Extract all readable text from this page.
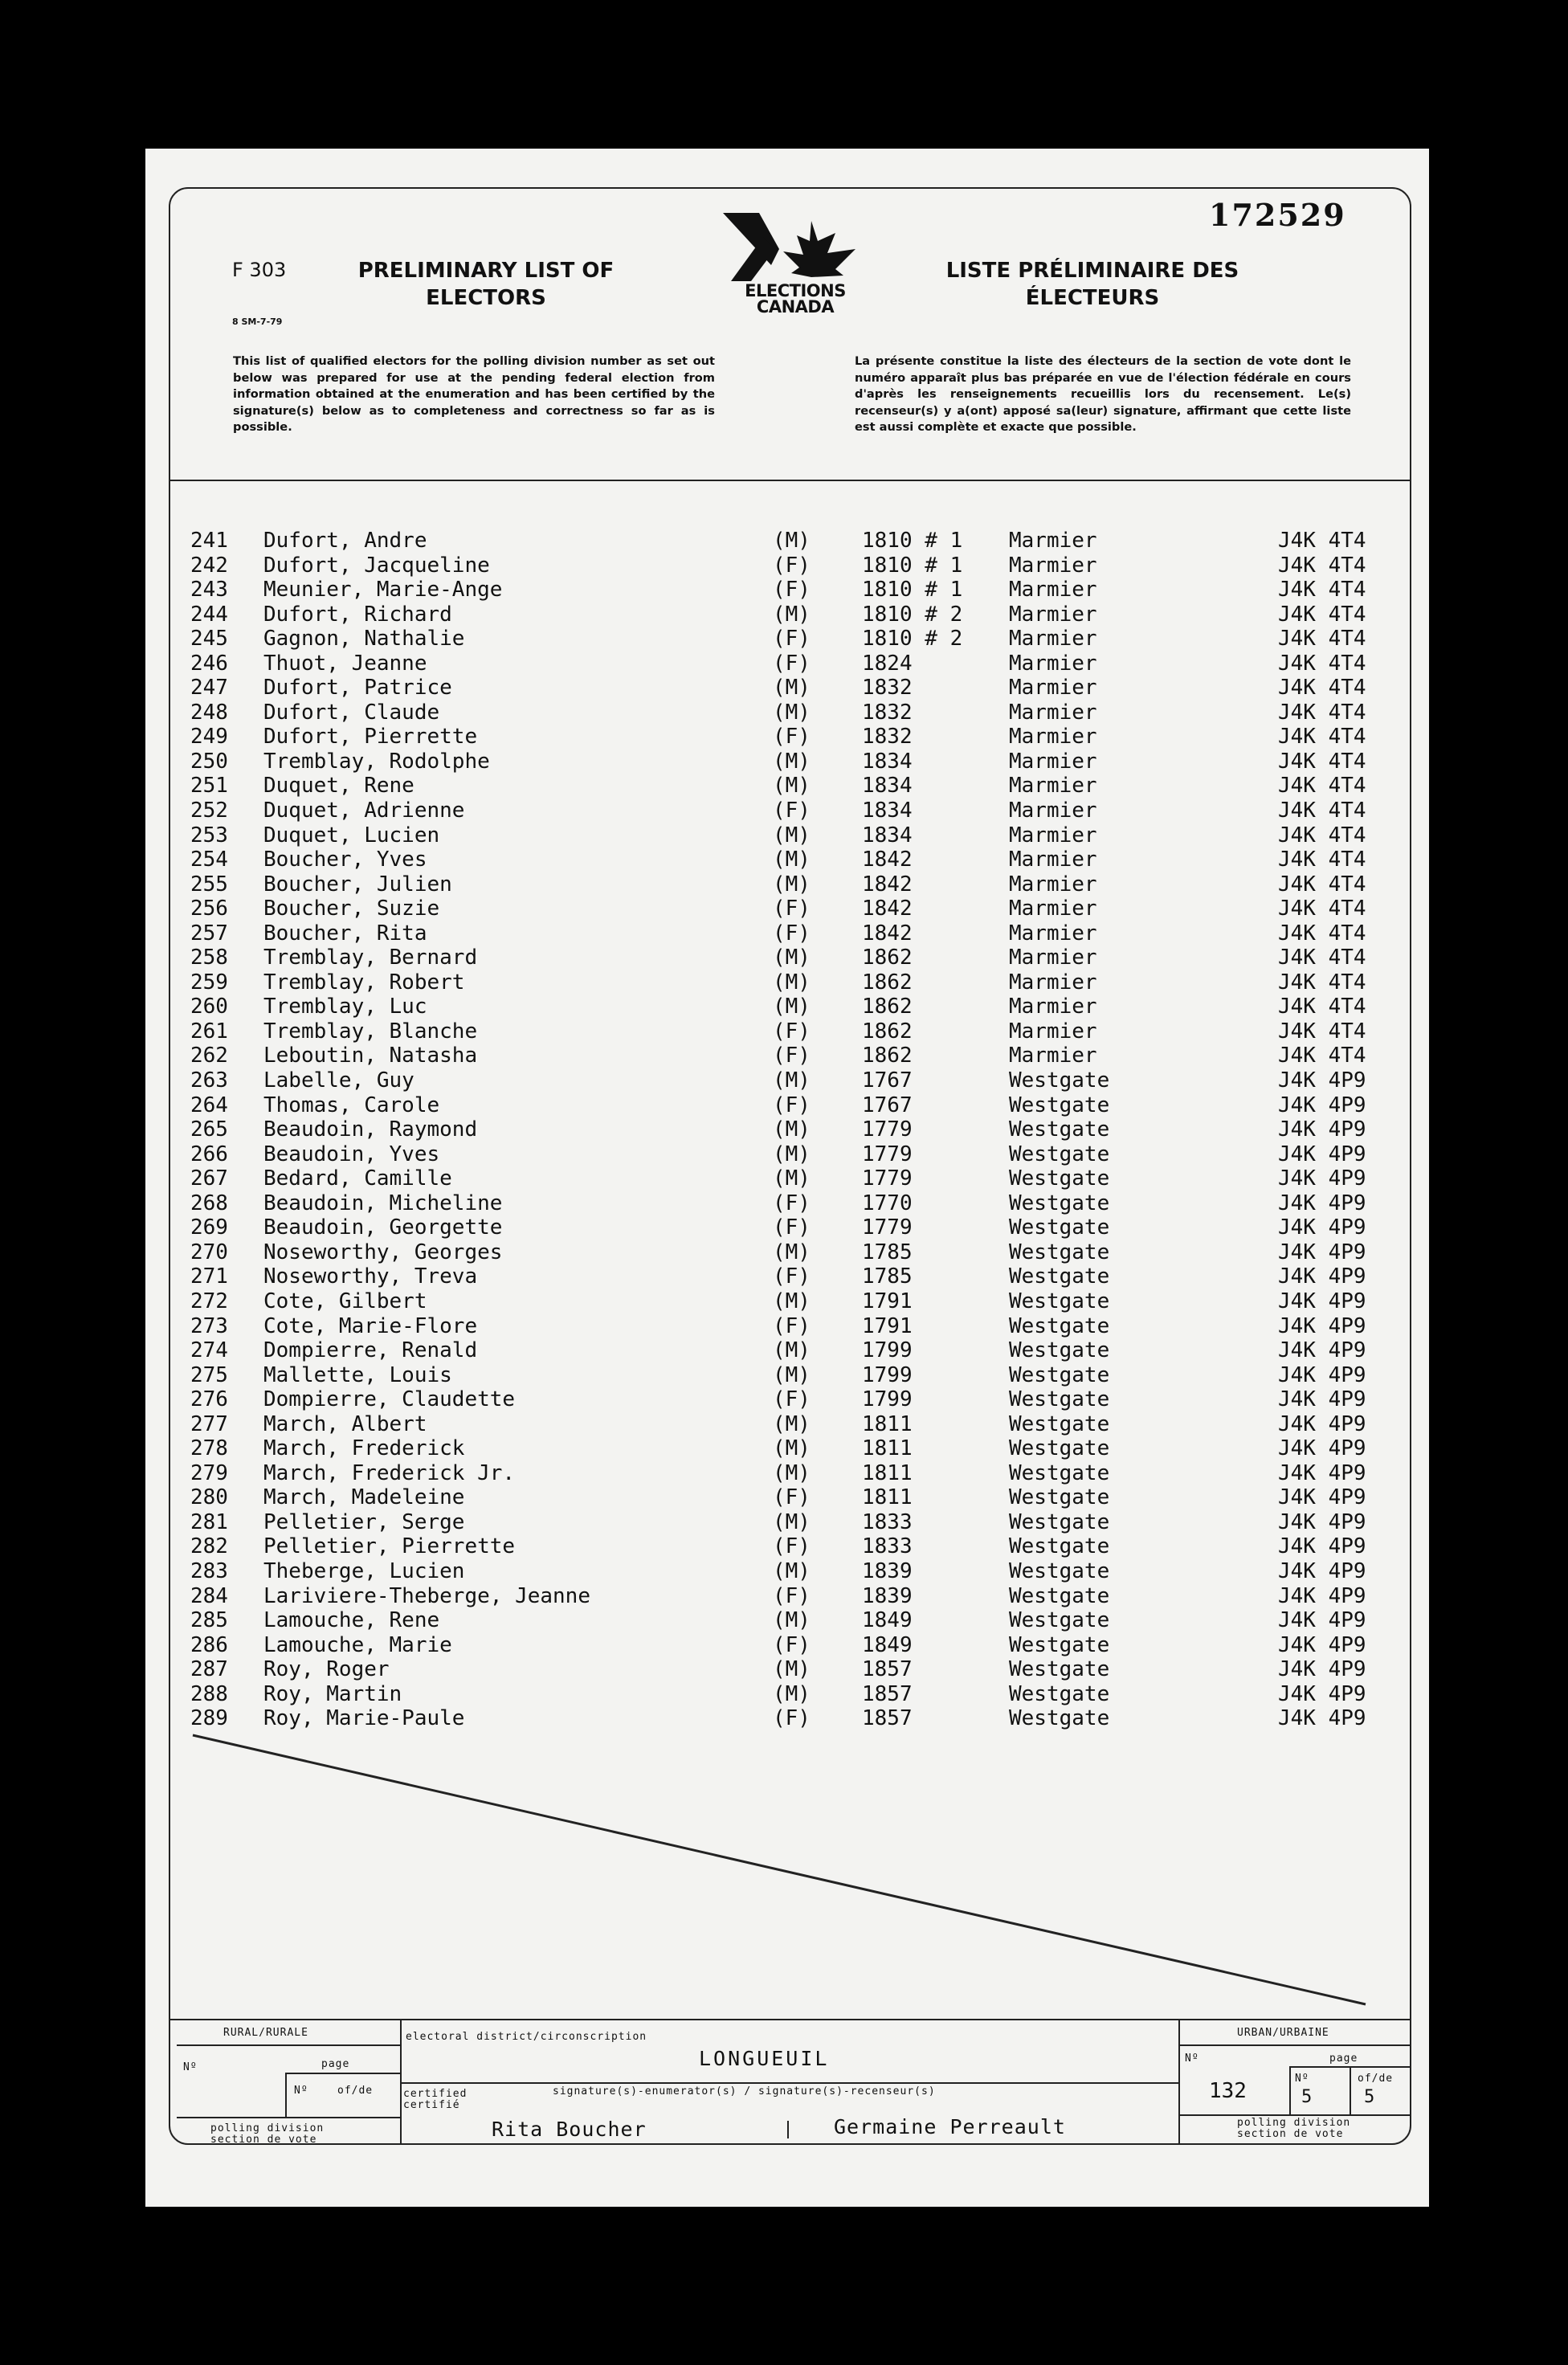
172529
F 303
8 SM-7-79
PRELIMINARY LIST OF ELECTORS
LISTE PRÉLIMINAIRE DES ÉLECTEURS
ELECTIONS
CANADA
This list of qualified electors for the polling division number as set out below was prepared for use at the pending federal election from information obtained at the enumeration and has been certified by the signature(s) below as to completeness and correctness so far as is possible.
La présente constitue la liste des électeurs de la section de vote dont le numéro apparaît plus bas préparée en vue de l'élection fédérale en cours d'après les renseignements recueillis lors du recensement. Le(s) recenseur(s) y a(ont) apposé sa(leur) signature, affirmant que cette liste est aussi complète et exacte que possible.
241 Dufort, Andre	(M) 1810 # 1 Marmier	J4K 4T4
242 Dufort, Jacqueline	(F) 1810 # 1 Marmier	J4K 4T4
243 Meunier, Marie-Ange	(F) 1810 # 1 Marmier	J4K 4T4
244 Dufort, Richard	(M) 1810 # 2 Marmier	J4K 4T4
245 Gagnon, Nathalie	(F) 1810 # 2 Marmier	J4K 4T4
246 Thuot, Jeanne	(F) 1824	Marmier	J4K 4T4
247 Dufort, Patrice	(M) 1832	Marmier	J4K 4T4
248 Dufort, Claude	(M) 1832	Marmier	J4K 4T4
249 Dufort, Pierrette	(F) 1832	Marmier	J4K 4T4
250 Tremblay, Rodolphe	(M) 1834	Marmier	J4K 4T4
251 Duquet, Rene	(M) 1834	Marmier	J4K 4T4
252 Duquet, Adrienne	(F) 1834	Marmier	J4K 4T4
253 Duquet, Lucien	(M) 1834	Marmier	J4K 4T4
254 Boucher, Yves	(M) 1842	Marmier	J4K 4T4
255 Boucher, Julien	(M) 1842	Marmier	J4K 4T4
256 Boucher, Suzie	(F) 1842	Marmier	J4K 4T4
257 Boucher, Rita	(F) 1842	Marmier	J4K 4T4
258 Tremblay, Bernard	(M) 1862	Marmier	J4K 4T4
259 Tremblay, Robert	(M) 1862	Marmier	J4K 4T4
260 Tremblay, Luc	(M) 1862	Marmier	J4K 4T4
261 Tremblay, Blanche	(F) 1862	Marmier	J4K 4T4
262 Leboutin, Natasha	(F) 1862	Marmier	J4K 4T4
263 Labelle, Guy	(M) 1767	Westgate	J4K 4P9
264 Thomas, Carole	(F) 1767	Westgate	J4K 4P9
265 Beaudoin, Raymond	(M) 1779	Westgate	J4K 4P9
266 Beaudoin, Yves	(M) 1779	Westgate	J4K 4P9
267 Bedard, Camille	(M) 1779	Westgate	J4K 4P9
268 Beaudoin, Micheline	(F) 1770	Westgate	J4K 4P9
269 Beaudoin, Georgette	(F) 1779	Westgate	J4K 4P9
270 Noseworthy, Georges	(M) 1785	Westgate	J4K 4P9
271 Noseworthy, Treva	(F) 1785	Westgate	J4K 4P9
272 Cote, Gilbert	(M) 1791	Westgate	J4K 4P9
273 Cote, Marie-Flore	(F) 1791	Westgate	J4K 4P9
274 Dompierre, Renald	(M) 1799	Westgate	J4K 4P9
275 Mallette, Louis	(M) 1799	Westgate	J4K 4P9
276 Dompierre, Claudette	(F) 1799	Westgate	J4K 4P9
277 March, Albert	(M) 1811	Westgate	J4K 4P9
278 March, Frederick	(M) 1811	Westgate	J4K 4P9
279 March, Frederick Jr.	(M) 1811	Westgate	J4K 4P9
280 March, Madeleine	(F) 1811	Westgate	J4K 4P9
281 Pelletier, Serge	(M) 1833	Westgate	J4K 4P9
282 Pelletier, Pierrette	(F) 1833	Westgate	J4K 4P9
283 Theberge, Lucien	(M) 1839	Westgate	J4K 4P9
284 Lariviere-Theberge, Jeanne	(F) 1839	Westgate	J4K 4P9
285 Lamouche, Rene	(M) 1849	Westgate	J4K 4P9
286 Lamouche, Marie	(F) 1849	Westgate	J4K 4P9
287 Roy, Roger	(M) 1857	Westgate	J4K 4P9
288 Roy, Martin	(M) 1857	Westgate	J4K 4P9
289 Roy, Marie-Paule	(F) 1857	Westgate	J4K 4P9
RURAL/RURALE
Nº	page
Nº	of/de
polling division section de vote
electoral district/circonscription
LONGUEUIL
certified certifié
signature(s)-enumerator(s) / signature(s)-recenseur(s)
Rita Boucher	Germaine Perreault
URBAN/URBAINE
Nº	page
132
Nº	of/de
5	5
polling division section de vote
